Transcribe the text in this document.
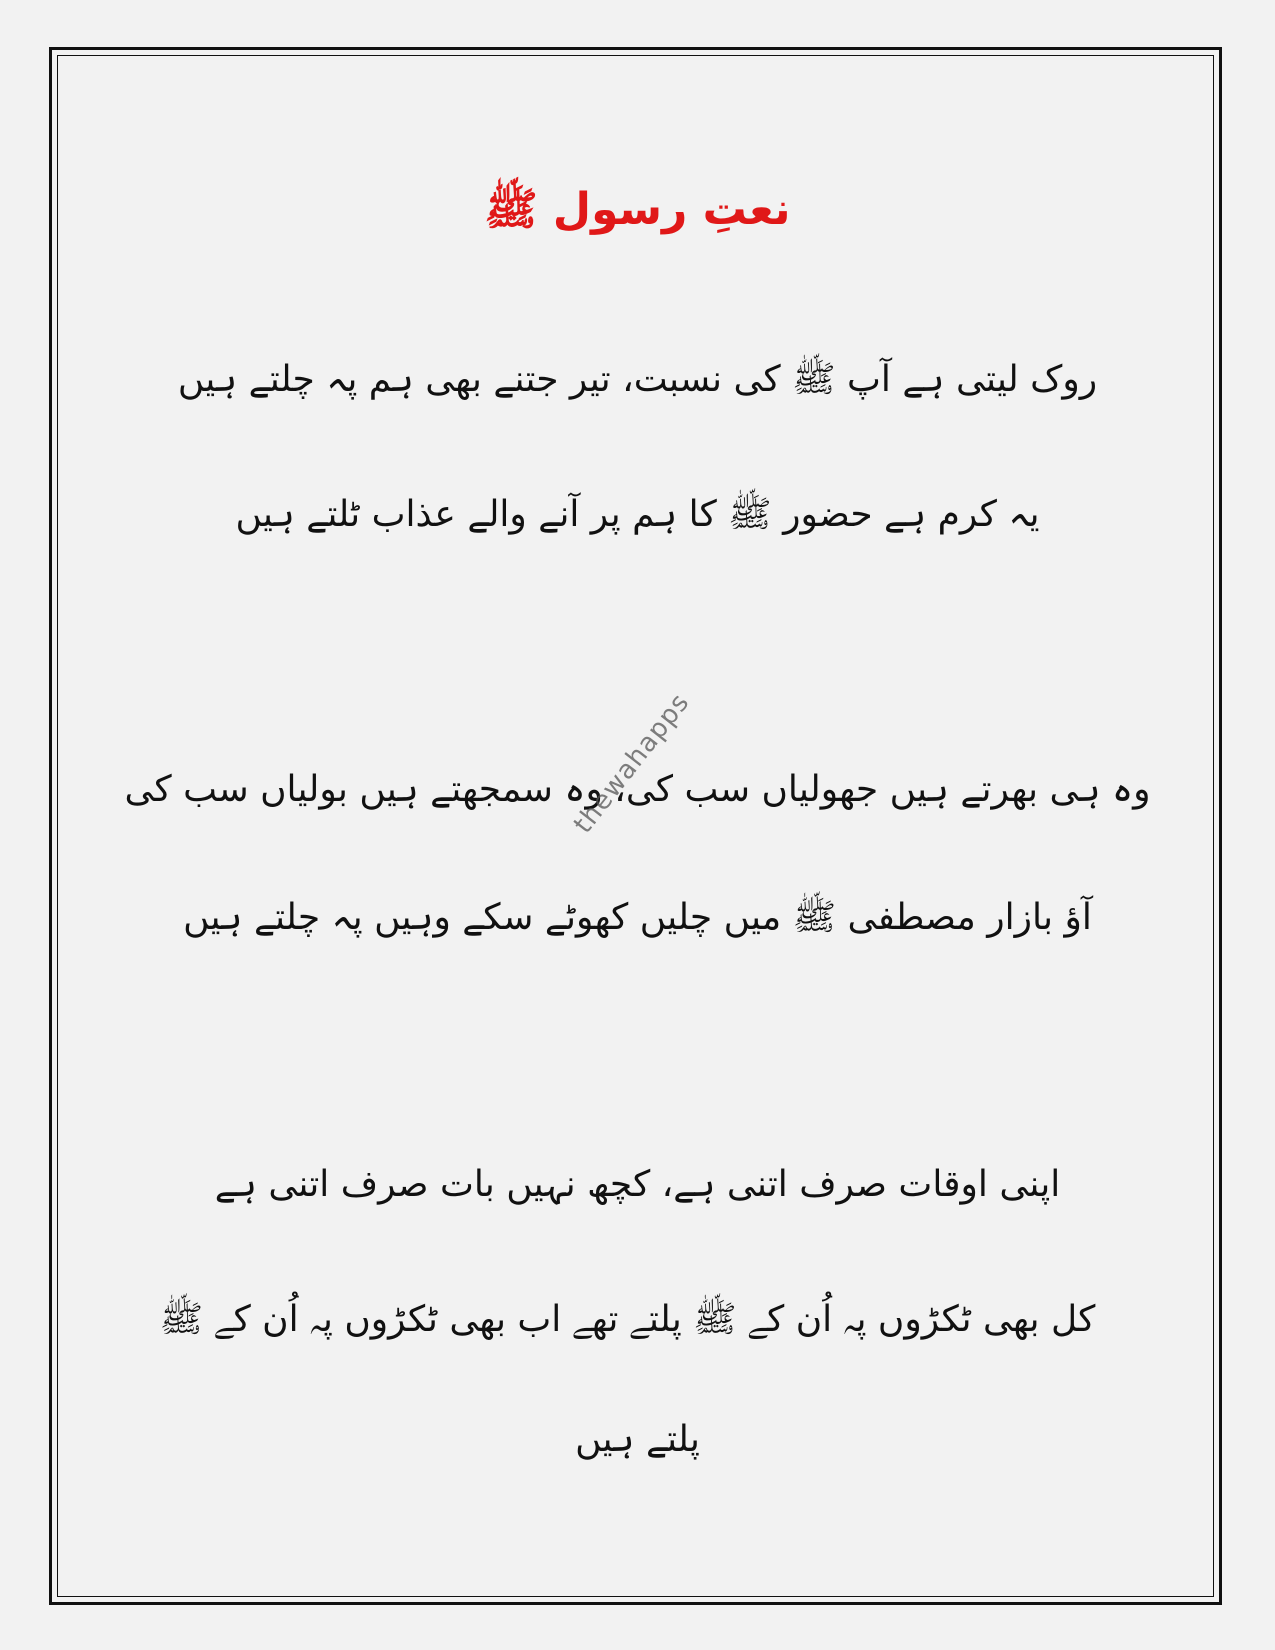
نعتِ رسول ﷺ
روک لیتی ہے آپ ﷺ کی نسبت، تیر جتنے بھی ہم پہ چلتے ہیں
یہ کرم ہے حضور ﷺ کا ہم پر آنے والے عذاب ٹلتے ہیں
وہ ہی بھرتے ہیں جھولیاں سب کی، وہ سمجھتے ہیں بولیاں سب کی
آؤ بازار مصطفی ﷺ میں چلیں کھوٹے سکے وہیں پہ چلتے ہیں
اپنی اوقات صرف اتنی ہے، کچھ نہیں بات صرف اتنی ہے
کل بھی ٹکڑوں پہ اُن کے ﷺ پلتے تھے اب بھی ٹکڑوں پہ اُن کے ﷺ
پلتے ہیں
thewahapps
